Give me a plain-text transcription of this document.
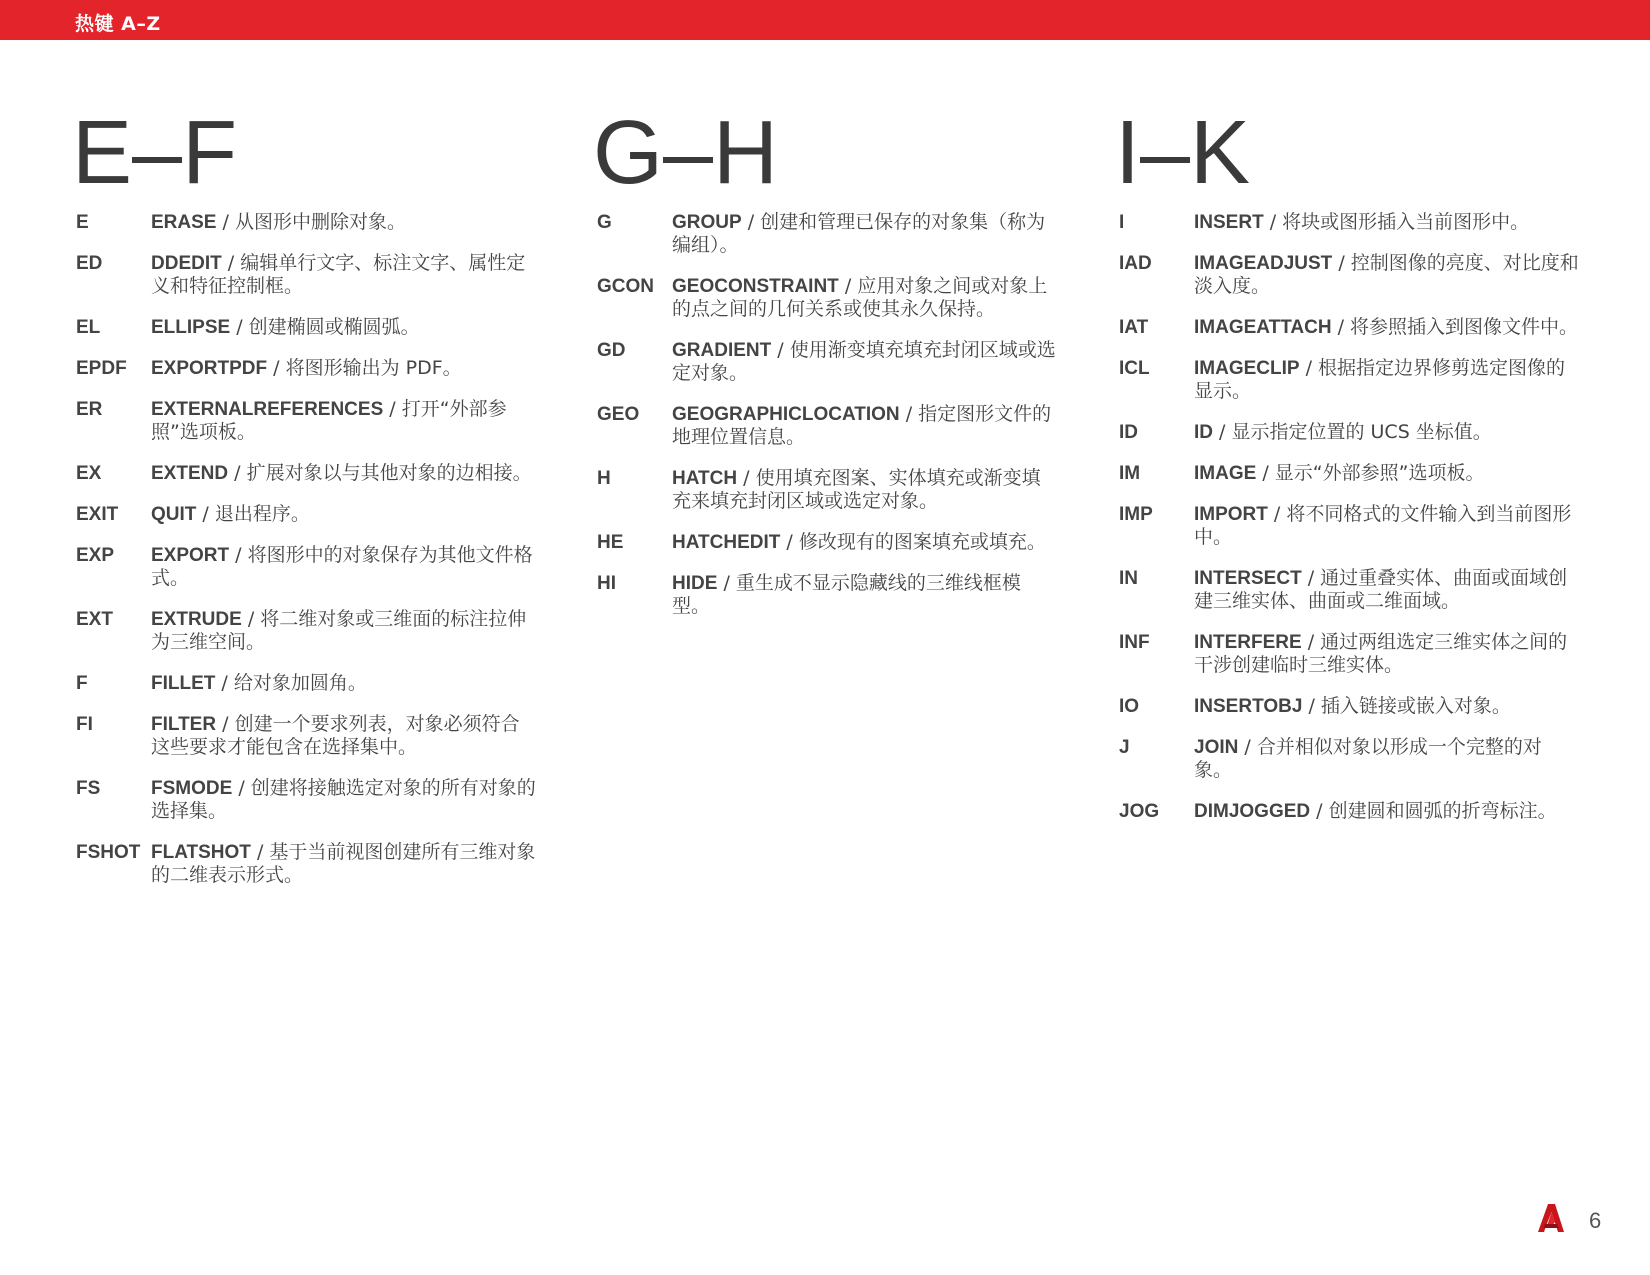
热键 A–Z
E–F
E	ERASE / 从图形中删除对象。
ED	DDEDIT / 编辑单行文字、标注文字、属性定义和特征控制框。
EL	ELLIPSE / 创建椭圆或椭圆弧。
EPDF	EXPORTPDF / 将图形输出为 PDF。
ER	EXTERNALREFERENCES / 打开“外部参照”选项板。
EX	EXTEND / 扩展对象以与其他对象的边相接。
EXIT	QUIT / 退出程序。
EXP	EXPORT / 将图形中的对象保存为其他文件格式。
EXT	EXTRUDE / 将二维对象或三维面的标注拉伸为三维空间。
F	FILLET / 给对象加圆角。
FI	FILTER / 创建一个要求列表，对象必须符合这些要求才能包含在选择集中。
FS	FSMODE / 创建将接触选定对象的所有对象的选择集。
FSHOT FLATSHOT / 基于当前视图创建所有三维对象的二维表示形式。
G–H
G	GROUP / 创建和管理已保存的对象集（称为编组）。
GCON GEOCONSTRAINT / 应用对象之间或对象上的点之间的几何关系或使其永久保持。
GD	GRADIENT / 使用渐变填充填充封闭区域或选定对象。
GEO	GEOGRAPHICLOCATION / 指定图形文件的地理位置信息。
H	HATCH / 使用填充图案、实体填充或渐变填充来填充封闭区域或选定对象。
HE	HATCHEDIT / 修改现有的图案填充或填充。
HI	HIDE / 重生成不显示隐藏线的三维线框模型。
I–K
I	INSERT / 将块或图形插入当前图形中。
IAD	IMAGEADJUST / 控制图像的亮度、对比度和淡入度。
IAT	IMAGEATTACH / 将参照插入到图像文件中。
ICL	IMAGECLIP / 根据指定边界修剪选定图像的显示。
ID	ID / 显示指定位置的 UCS 坐标值。
IM	IMAGE / 显示“外部参照”选项板。
IMP	IMPORT / 将不同格式的文件输入到当前图形中。
IN	INTERSECT / 通过重叠实体、曲面或面域创建三维实体、曲面或二维面域。
INF	INTERFERE / 通过两组选定三维实体之间的干涉创建临时三维实体。
IO	INSERTOBJ / 插入链接或嵌入对象。
J	JOIN / 合并相似对象以形成一个完整的对象。
JOG	DIMJOGGED / 创建圆和圆弧的折弯标注。
6
